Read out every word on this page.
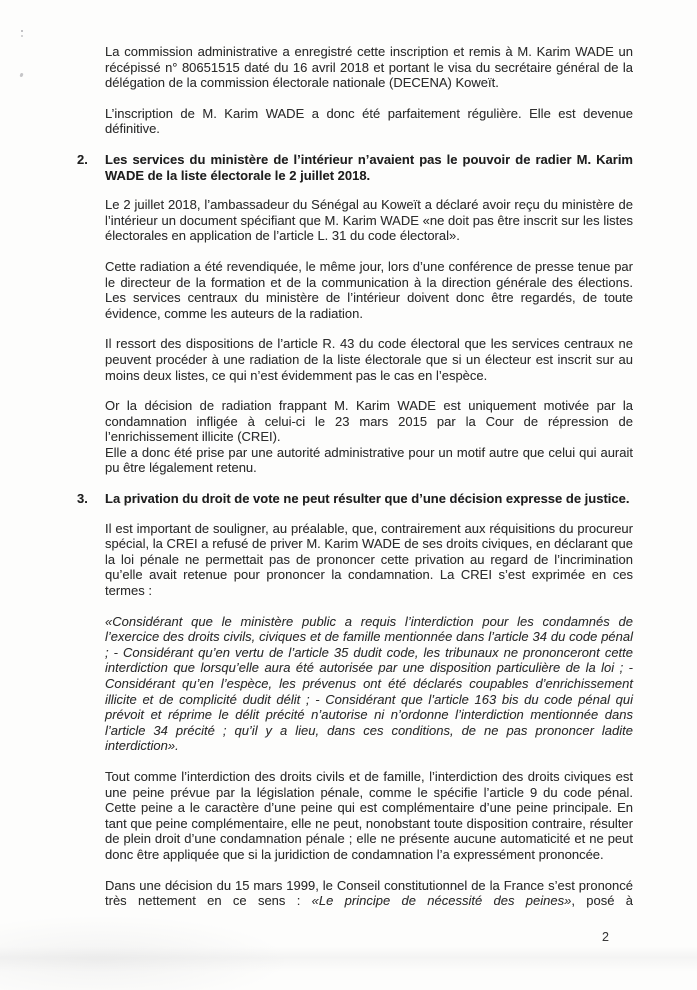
La commission administrative a enregistré cette inscription et remis à M. Karim WADE un récépissé n° 80651515 daté du 16 avril 2018 et portant le visa du secrétaire général de la délégation de la commission électorale nationale (DECENA) Koweït.

L’inscription de M. Karim WADE a donc été parfaitement régulière. Elle est devenue définitive.

2. Les services du ministère de l’intérieur n’avaient pas le pouvoir de radier M. Karim WADE de la liste électorale le 2 juillet 2018.

Le 2 juillet 2018, l’ambassadeur du Sénégal au Koweït a déclaré avoir reçu du ministère de l’intérieur un document spécifiant que M. Karim WADE «ne doit pas être inscrit sur les listes électorales en application de l’article L. 31 du code électoral».

Cette radiation a été revendiquée, le même jour, lors d’une conférence de presse tenue par le directeur de la formation et de la communication à la direction générale des élections. Les services centraux du ministère de l’intérieur doivent donc être regardés, de toute évidence, comme les auteurs de la radiation.

Il ressort des dispositions de l’article R. 43 du code électoral que les services centraux ne peuvent procéder à une radiation de la liste électorale que si un électeur est inscrit sur au moins deux listes, ce qui n’est évidemment pas le cas en l’espèce.

Or la décision de radiation frappant M. Karim WADE est uniquement motivée par la condamnation infligée à celui-ci le 23 mars 2015 par la Cour de répression de l’enrichissement illicite (CREI).

Elle a donc été prise par une autorité administrative pour un motif autre que celui qui aurait pu être légalement retenu.

3. La privation du droit de vote ne peut résulter que d’une décision expresse de justice.

Il est important de souligner, au préalable, que, contrairement aux réquisitions du procureur spécial, la CREI a refusé de priver M. Karim WADE de ses droits civiques, en déclarant que la loi pénale ne permettait pas de prononcer cette privation au regard de l’incrimination qu’elle avait retenue pour prononcer la condamnation. La CREI s’est exprimée en ces termes :

«Considérant que le ministère public a requis l’interdiction pour les condamnés de l’exercice des droits civils, civiques et de famille mentionnée dans l’article 34 du code pénal ; - Considérant qu’en vertu de l’article 35 dudit code, les tribunaux ne prononceront cette interdiction que lorsqu’elle aura été autorisée par une disposition particulière de la loi ; - Considérant qu’en l’espèce, les prévenus ont été déclarés coupables d’enrichissement illicite et de complicité dudit délit ; - Considérant que l’article 163 bis du code pénal qui prévoit et réprime le délit précité n’autorise ni n’ordonne l’interdiction mentionnée dans l’article 34 précité ; qu’il y a lieu, dans ces conditions, de ne pas prononcer ladite interdiction».

Tout comme l’interdiction des droits civils et de famille, l’interdiction des droits civiques est une peine prévue par la législation pénale, comme le spécifie l’article 9 du code pénal. Cette peine a le caractère d’une peine qui est complémentaire d’une peine principale. En tant que peine complémentaire, elle ne peut, nonobstant toute disposition contraire, résulter de plein droit d’une condamnation pénale ; elle ne présente aucune automaticité et ne peut donc être appliquée que si la juridiction de condamnation l’a expressément prononcée.

Dans une décision du 15 mars 1999, le Conseil constitutionnel de la France s’est prononcé très nettement en ce sens : «Le principe de nécessité des peines», posé à

2
